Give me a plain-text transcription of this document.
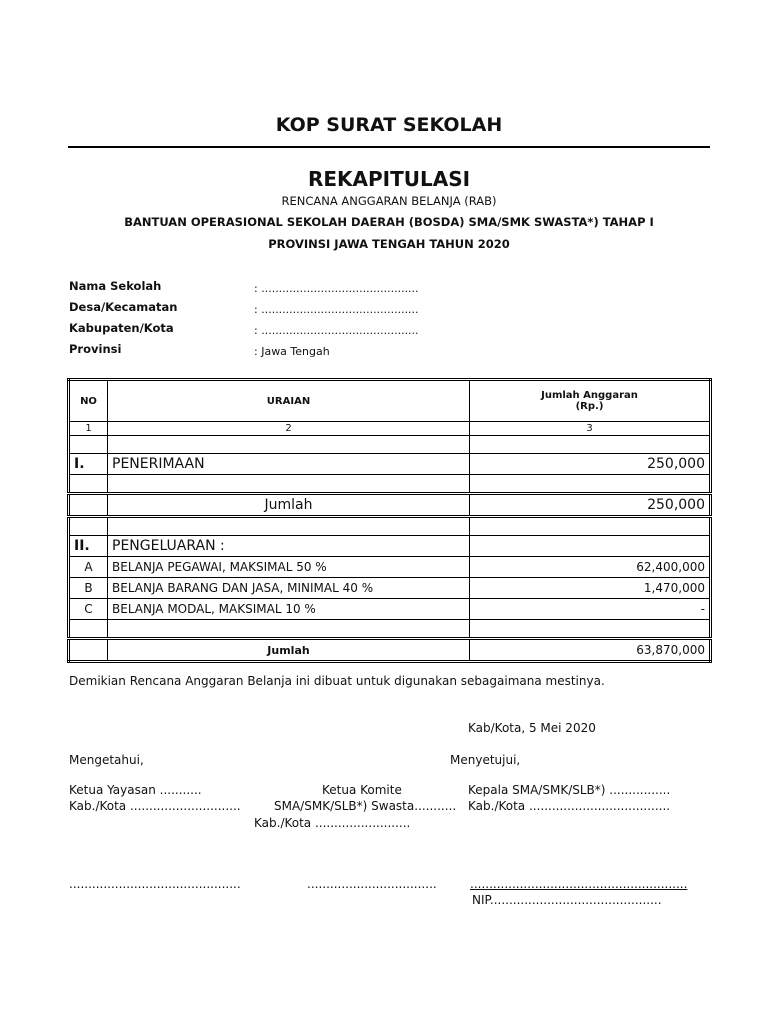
KOP SURAT SEKOLAH
REKAPITULASI
RENCANA ANGGARAN BELANJA (RAB)
BANTUAN OPERASIONAL SEKOLAH DAERAH (BOSDA) SMA/SMK SWASTA*) TAHAP I
PROVINSI JAWA TENGAH TAHUN 2020
Nama Sekolah	: .............................................
Desa/Kecamatan	: .............................................
Kabupaten/Kota	: .............................................
Provinsi	: Jawa Tengah
NO	URAIAN	Jumlah Anggaran
(Rp.)

1	2	3

I.	PENERIMAAN	250,000

	Jumlah	250,000

II.	PENGELUARAN :	
A	BELANJA PEGAWAI, MAKSIMAL 50 %	62,400,000
B	BELANJA BARANG DAN JASA, MINIMAL 40 %	1,470,000
C	BELANJA MODAL, MAKSIMAL 10 %	-

	Jumlah	63,870,000
Demikian Rencana Anggaran Belanja ini dibuat untuk digunakan sebagaimana mestinya.
Kab/Kota, 5 Mei 2020
Mengetahui,	Menyetujui,
Ketua Yayasan ...........
Kab./Kota .............................
Ketua Komite
SMA/SMK/SLB*) Swasta...........
Kab./Kota .........................
Kepala SMA/SMK/SLB*) ................
Kab./Kota .....................................
.............................................	..................................	.........................................................
NIP.............................................
